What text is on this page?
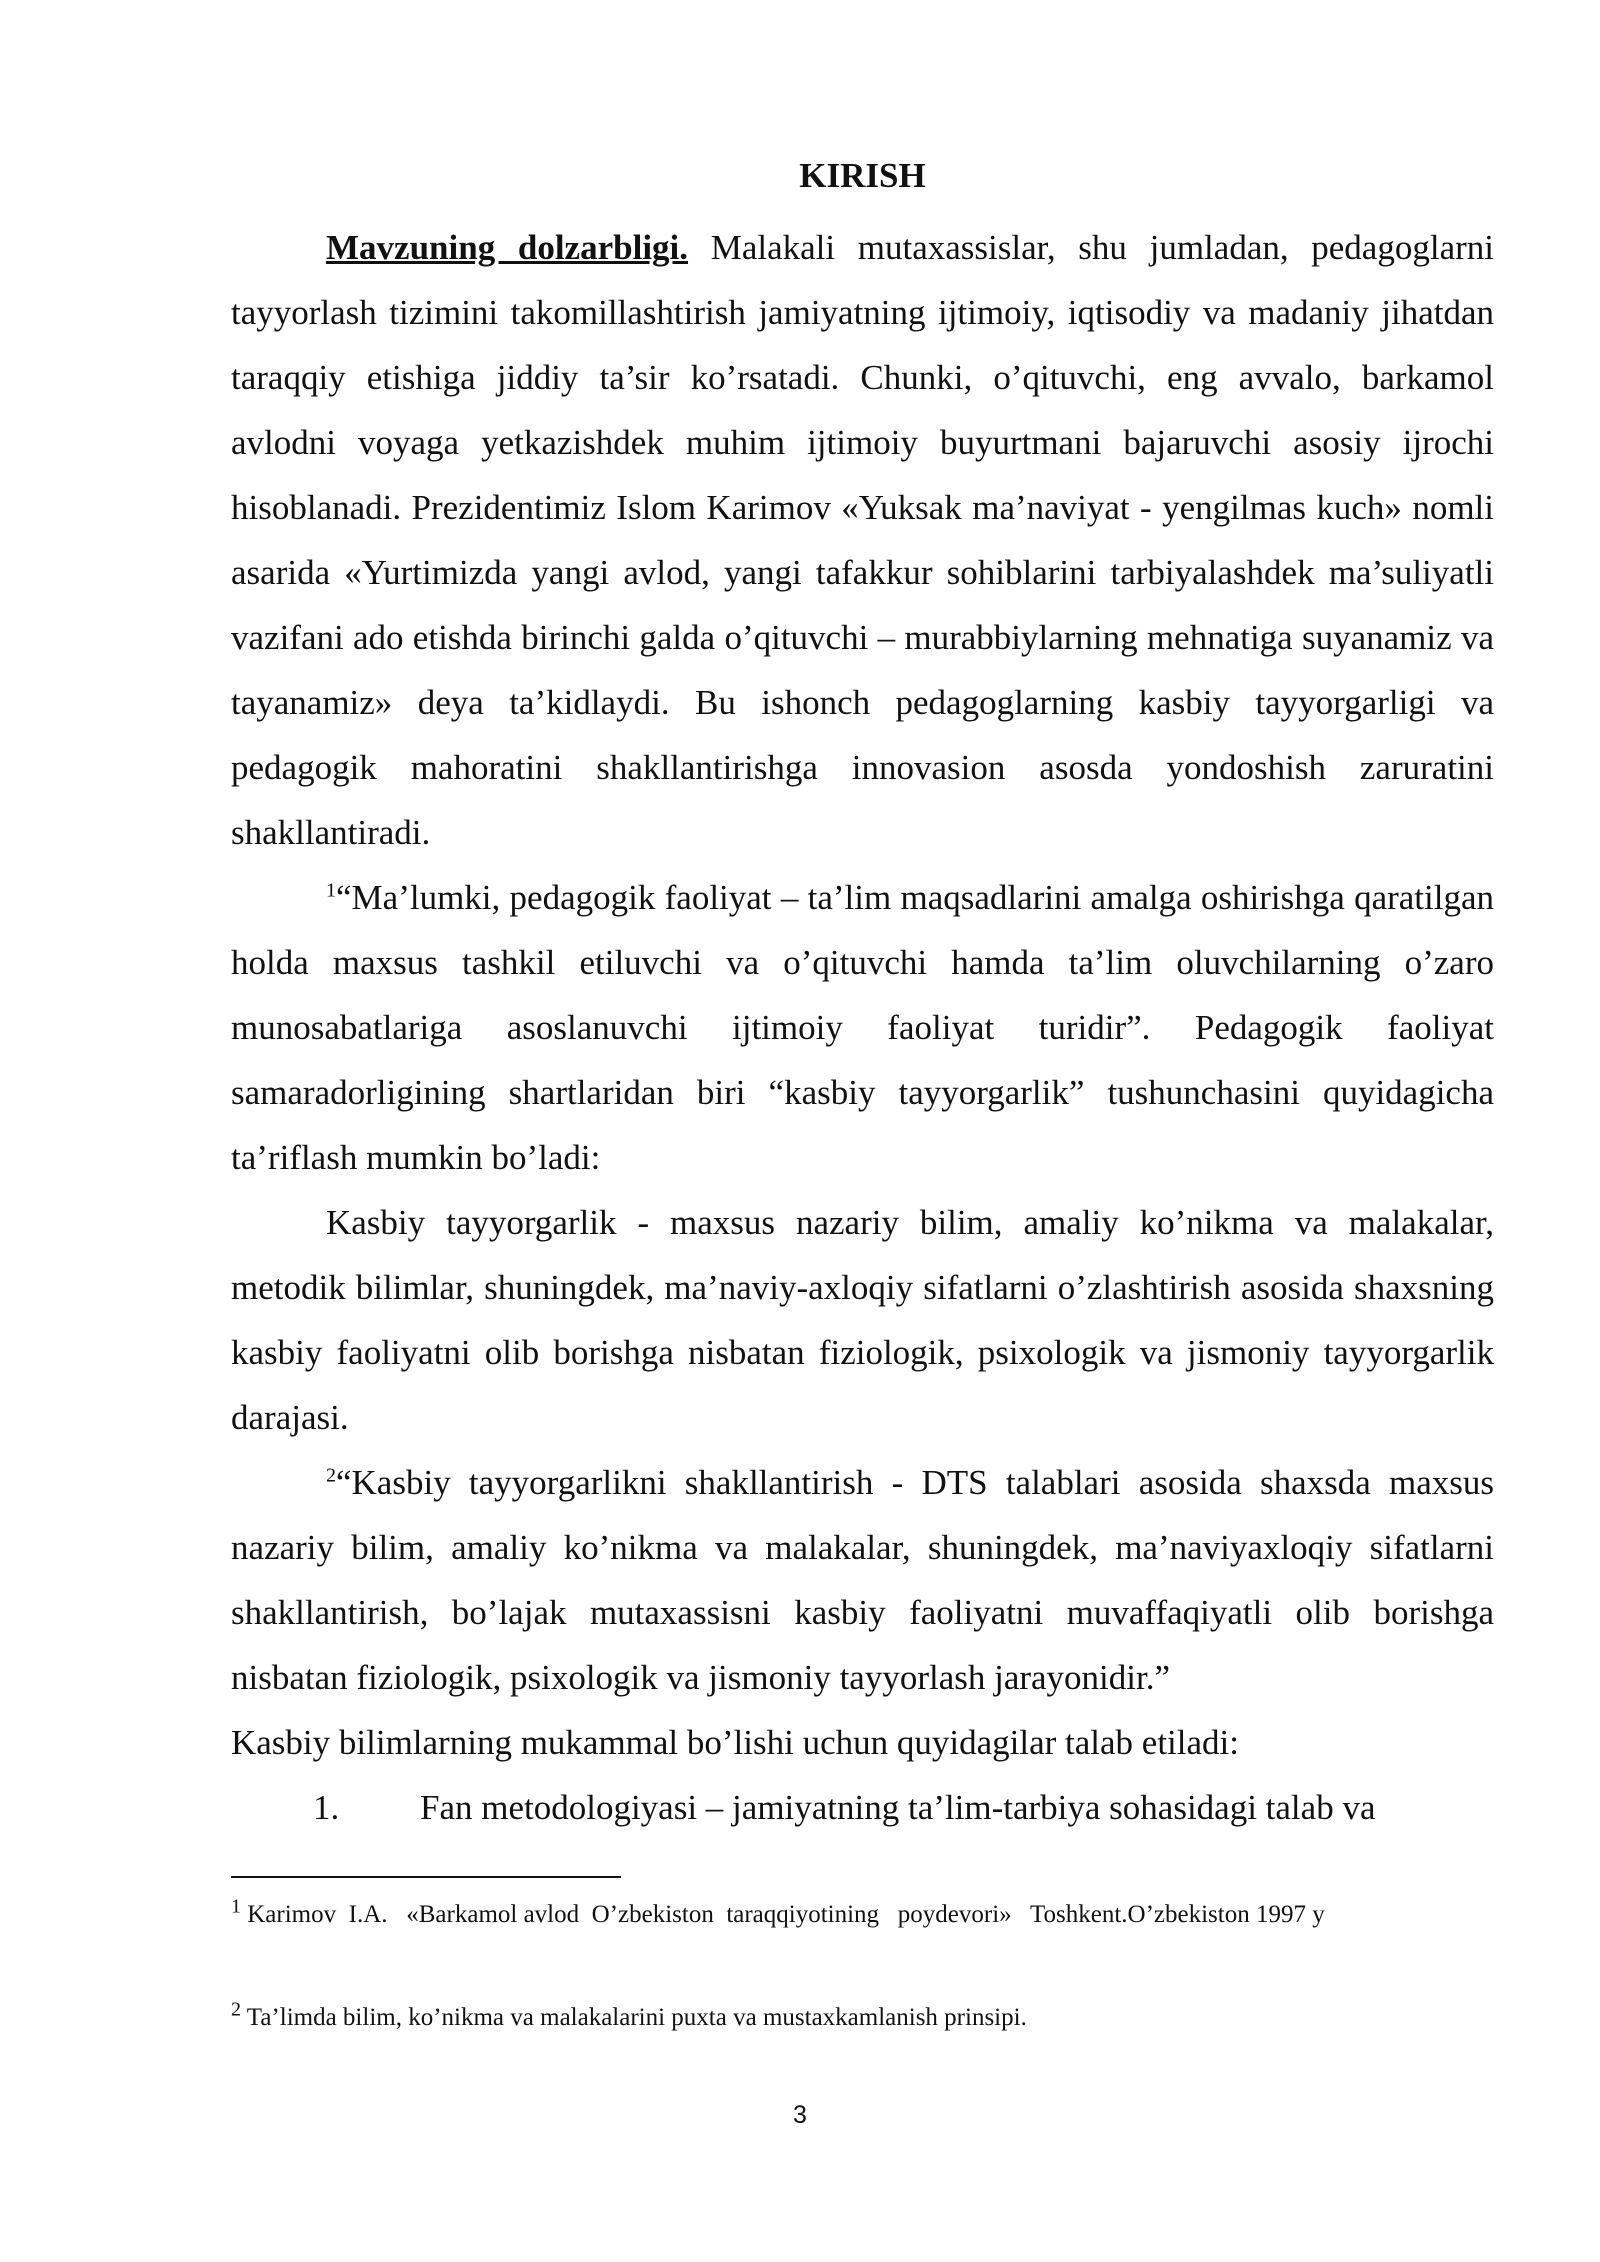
KIRISH

Mavzuning dolzarbligi. Malakali mutaxassislar, shu jumladan, pedagoglarni tayyorlash tizimini takomillashtirish jamiyatning ijtimoiy, iqtisodiy va madaniy jihatdan taraqqiy etishiga jiddiy ta’sir ko’rsatadi. Chunki, o’qituvchi, eng avvalo, barkamol avlodni voyaga yetkazishdek muhim ijtimoiy buyurtmani bajaruvchi asosiy ijrochi hisoblanadi. Prezidentimiz Islom Karimov «Yuksak ma’naviyat - yengilmas kuch» nomli asarida «Yurtimizda yangi avlod, yangi tafakkur sohiblarini tarbiyalashdek ma’suliyatli vazifani ado etishda birinchi galda o’qituvchi – murabbiylarning mehnatiga suyanamiz va tayanamiz» deya ta’kidlaydi. Bu ishonch pedagoglarning kasbiy tayyorgarligi va pedagogik mahoratini shakllantirishga innovasion asosda yondoshish zaruratini shakllantiradi.

$^1$“Ma’lumki, pedagogik faoliyat – ta’lim maqsadlarini amalga oshirishga qaratilgan holda maxsus tashkil etiluvchi va o’qituvchi hamda ta’lim oluvchilarning o’zaro munosabatlariga asoslanuvchi ijtimoiy faoliyat turidir”. Pedagogik faoliyat samaradorligining shartlaridan biri “kasbiy tayyorgarlik” tushunchasini quyidagicha ta’riflash mumkin bo’ladi:

Kasbiy tayyorgarlik - maxsus nazariy bilim, amaliy ko’nikma va malakalar, metodik bilimlar, shuningdek, ma’naviy-axloqiy sifatlarni o’zlashtirish asosida shaxsning kasbiy faoliyatni olib borishga nisbatan fiziologik, psixologik va jismoniy tayyorgarlik darajasi.

$^2$“Kasbiy tayyorgarlikni shakllantirish - DTS talablari asosida shaxsda maxsus nazariy bilim, amaliy ko’nikma va malakalar, shuningdek, ma’naviyaxloqiy sifatlarni shakllantirish, bo’lajak mutaxassisni kasbiy faoliyatni muvaffaqiyatli olib borishga nisbatan fiziologik, psixologik va jismoniy tayyorlash jarayonidir.”

Kasbiy bilimlarning mukammal bo’lishi uchun quyidagilar talab etiladi:

1. Fan metodologiyasi – jamiyatning ta’lim-tarbiya sohasidagi talab va

$^1$ Karimov  I.A.   «Barkamol avlod  O’zbekiston  taraqqiyotining   poydevori»   Toshkent.O’zbekiston 1997 y
$^2$ Ta’limda bilim, ko’nikma va malakalarini puxta va mustaxkamlanish prinsipi.
3
